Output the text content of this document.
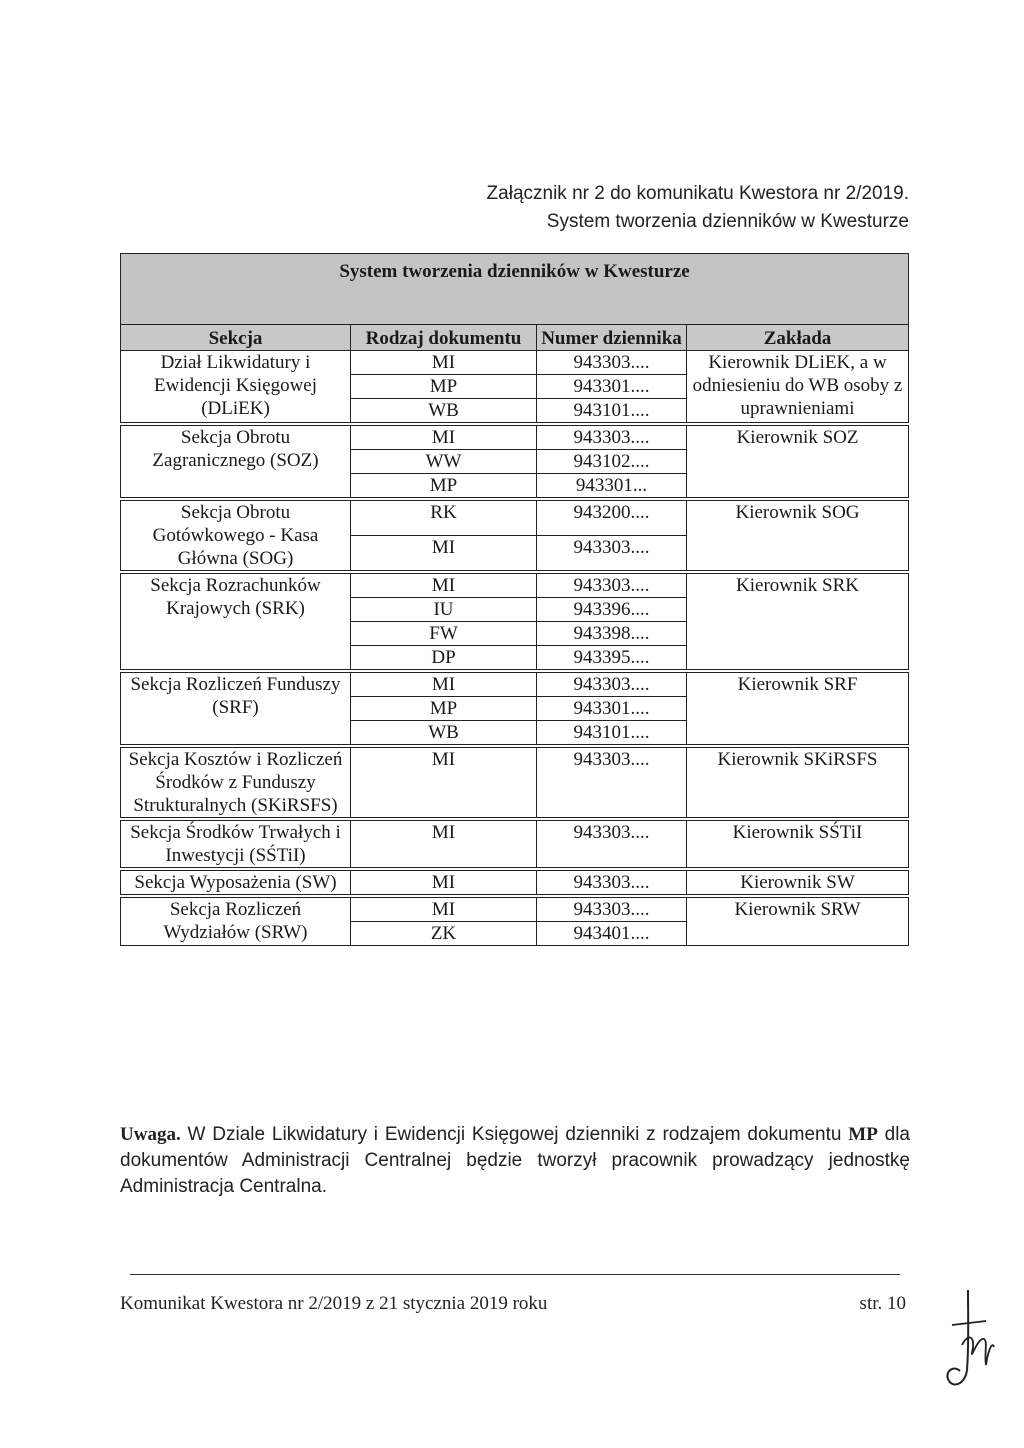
Załącznik nr 2 do komunikatu Kwestora nr 2/2019.
System tworzenia dzienników w Kwesturze
System tworzenia dzienników w Kwesturze			
Sekcja	Rodzaj dokumentu	Numer dziennika	Zakłada
Dział Likwidatury i Ewidencji Księgowej (DLiEK)	MI	943303....	Kierownik DLiEK, a w odniesieniu do WB osoby z uprawnieniami
	MP	943301....	
	WB	943101....	
Sekcja Obrotu Zagranicznego (SOZ)	MI	943303....	Kierownik SOZ
	WW	943102....	
	MP	943301...	
Sekcja Obrotu Gotówkowego - Kasa Główna (SOG)	RK	943200....	Kierownik SOG
	MI	943303....	
Sekcja Rozrachunków Krajowych (SRK)	MI	943303....	Kierownik SRK
	IU	943396....	
	FW	943398....	
	DP	943395....	
Sekcja Rozliczeń Funduszy (SRF)	MI	943303....	Kierownik SRF
	MP	943301....	
	WB	943101....	
Sekcja Kosztów i Rozliczeń Środków z Funduszy Strukturalnych (SKiRSFS)	MI	943303....	Kierownik SKiRSFS
Sekcja Środków Trwałych i Inwestycji (SŚTiI)	MI	943303....	Kierownik SŚTiI
Sekcja Wyposażenia (SW)	MI	943303....	Kierownik SW
Sekcja Rozliczeń Wydziałów (SRW)	MI	943303....	Kierownik SRW
	ZK	943401....	
Uwaga. W Dziale Likwidatury i Ewidencji Księgowej dzienniki z rodzajem dokumentu MP dla dokumentów Administracji Centralnej będzie tworzył pracownik prowadzący jednostkę Administracja Centralna.
Komunikat Kwestora nr 2/2019 z 21 stycznia 2019 roku	str. 10
